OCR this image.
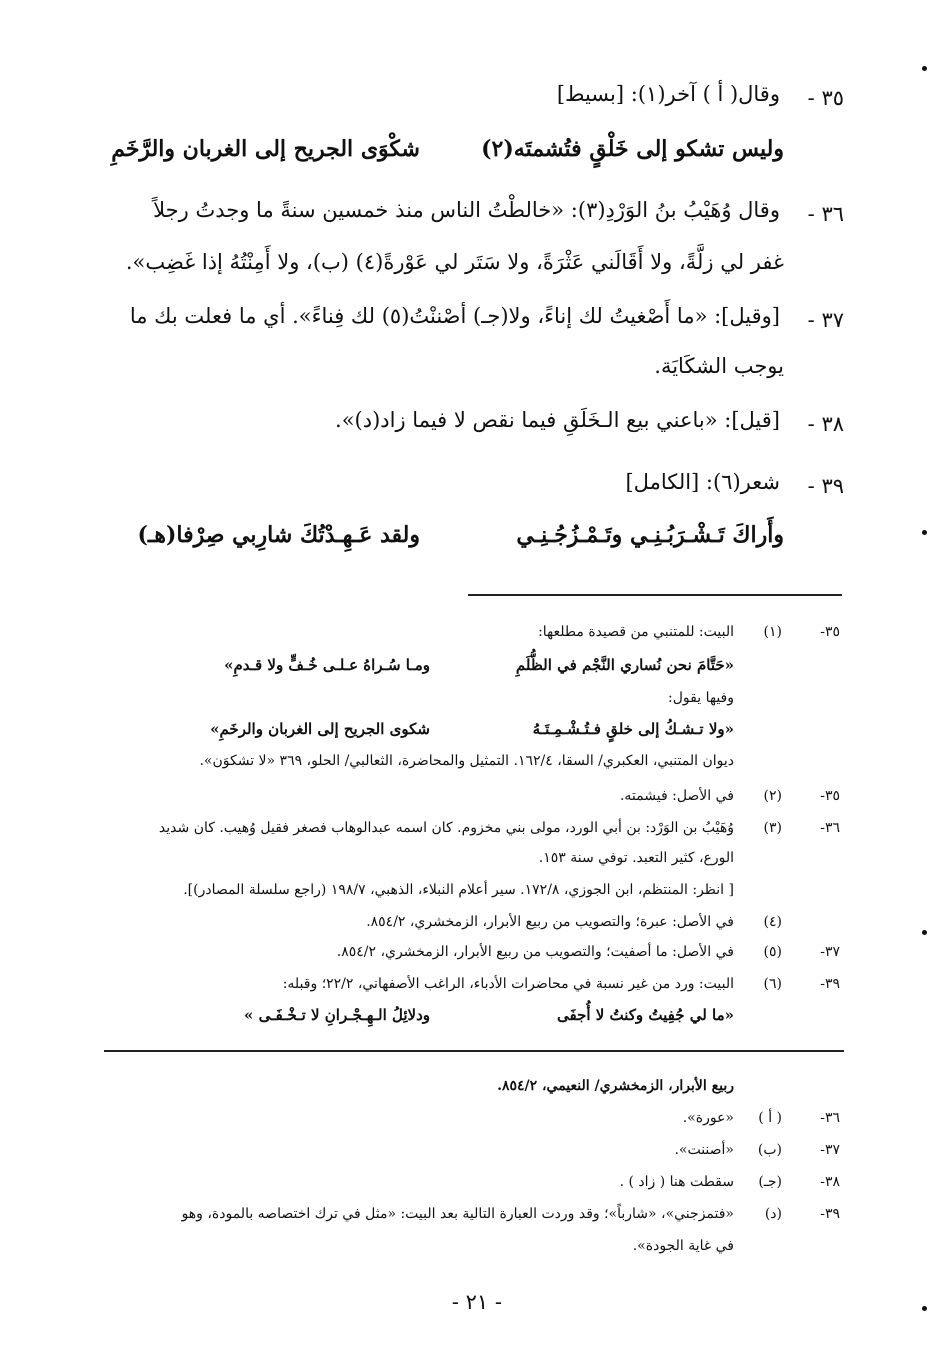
٣٥ -
وقال( أ ) آخر(١): [بسيط]
وليس تشكو إلى خَلْقٍ فتُشمتَه(٢)
شكْوَى الجريح إلى الغربان والرَّخَمِ
٣٦ -
وقال وُهَيْبُ بنُ الوَرْدِ(٣): «خالطْتُ الناس منذ خمسين سنةً ما وجدتُ رجلاً
غفر لي زلَّةً، ولا أَقَالَني عَثْرَةً، ولا سَتَر لي عَوْرةً(٤) (ب)، ولا أَمِنْتُهُ إذا غَضِب».
٣٧ -
[وقيل]: «ما أَصْغيتُ لك إناءً، ولا(جـ) أصْننْتُ(٥) لك فِناءً». أي ما فعلت بك ما
يوجب الشكَايَة.
٣٨ -
[قيل]: «باعني بيع الـخَلَقِ فيما نقص لا فيما زاد(د)».
٣٩ -
شعر(٦): [الكامل]
وأَراكَ تَـشْـرَبُـنِـي وتَـمْـزُجُـنِـي
ولقد عَـهِـدْتُكَ شارِبي صِرْفا(هـ)
٣٥-
(١)
البيت: للمتنبي من قصيدة مطلعها:
«حَتَّامَ نحن نُساري النَّجْم في الظُّلَمِ
ومـا سُـراهُ عـلـى خُـفٍّ ولا قـدمِ»
وفيها يقول:
«ولا تـشـكُ إلى خلقٍ فـتُـشْـمِـتَـهُ
شكوى الجريح إلى الغربان والرخَمِ»
ديوان المتنبي، العكبري/ السقا، ١٦٢/٤. التمثيل والمحاضرة، الثعالبي/ الحلو، ٣٦٩ «لا تشكوَن».
٣٥-
(٢)
في الأصل: فيشمته.
٣٦-
(٣)
وُهَيْبُ بن الوَرْد: بن أبي الورد، مولى بني مخزوم. كان اسمه عبدالوهاب فصغر فقيل وُهيب. كان شديد
الورع، كثير التعبد. توفي سنة ١٥٣.
[ انظر: المنتظم، ابن الجوزي، ١٧٢/٨. سير أعلام النبلاء، الذهبي، ١٩٨/٧ (راجع سلسلة المصادر)].
(٤)
في الأصل: عبرة؛ والتصويب من ربيع الأبرار، الزمخشري، ٨٥٤/٢.
٣٧-
(٥)
في الأصل: ما أصفيت؛ والتصويب من ربيع الأبرار، الزمخشري، ٨٥٤/٢.
٣٩-
(٦)
البيت: ورد من غير نسبة في محاضرات الأدباء، الراغب الأصفهاني، ٢٢/٢؛ وقبله:
«ما لي جُفِيتُ وكنتُ لا أُجفَى
ودلائِلُ الـهِـجْـرانِ لا تـخْـفَـى »
ربيع الأبرار، الزمخشري/ النعيمي، ٨٥٤/٢.
٣٦-
( أ )
«عورة».
٣٧-
(ب)
«أصننت».
٣٨-
(جـ)
سقطت هنا ( زاد ) .
٣٩-
(د)
«فتمزجني»، «شارباً»؛ وقد وردت العبارة التالية بعد البيت: «مثل في ترك اختصاصه بالمودة، وهو
في غاية الجودة».
- ٢١ -
